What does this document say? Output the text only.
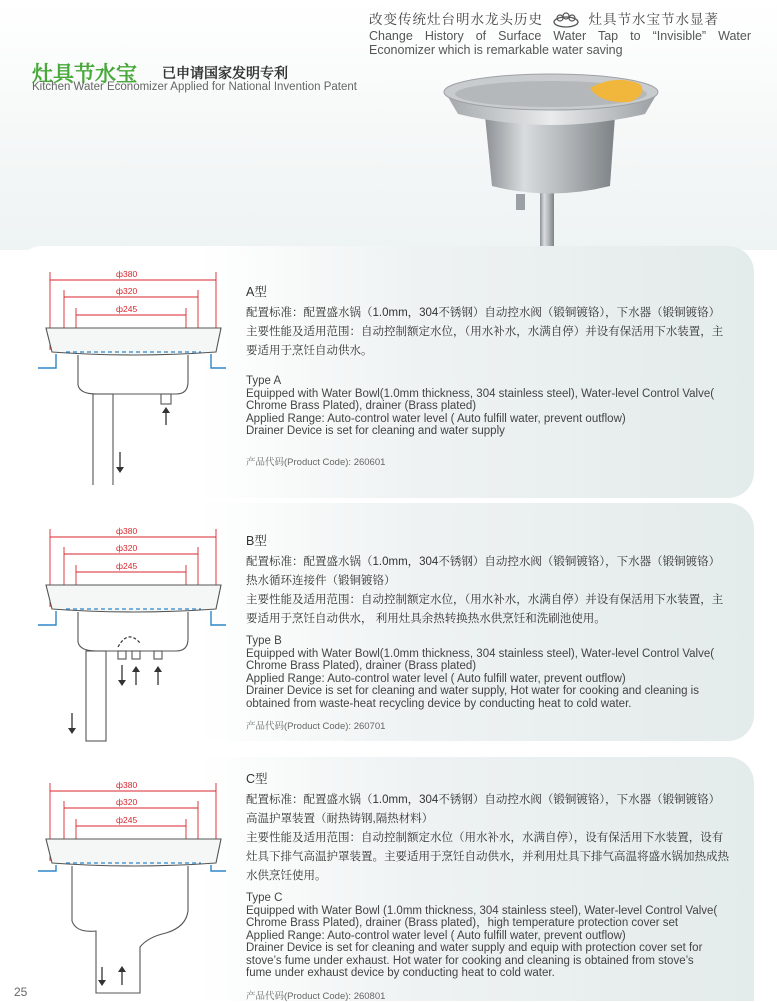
改变传统灶台明水龙头历史	灶具节水宝节水显著
Change History of Surface Water Tap to “Invisible” Water Economizer which is remarkable water saving
灶具节水宝 已申请国家发明专利
Kitchen Water Economizer Applied for National Invention Patent
ф380
ф320
ф245
A型
配置标准：配置盛水锅（1.0mm，304不锈钢）自动控水阀（锻铜镀铬），下水器（锻铜镀铬）
主要性能及适用范围：自动控制额定水位，（用水补水，水满自停）并设有保活用下水装置，主
要适用于烹饪自动供水。
Type A
Equipped with Water Bowl(1.0mm thickness, 304 stainless steel), Water-level Control Valve(
Chrome Brass Plated), drainer (Brass plated)
Applied Range: Auto-control water level ( Auto fulfill water, prevent outflow)
Drainer Device is set for cleaning and water supply
产品代码(Product Code): 260601
ф380
ф320
ф245
B型
配置标准：配置盛水锅（1.0mm，304不锈钢）自动控水阀（锻铜镀铬），下水器（锻铜镀铬）
热水循环连接件（锻铜镀铬）
主要性能及适用范围：自动控制额定水位，（用水补水，水满自停）并设有保活用下水装置，主
要适用于烹饪自动供水， 利用灶具余热转换热水供烹饪和洗刷池使用。
Type B
Equipped with Water Bowl(1.0mm thickness, 304 stainless steel), Water-level Control Valve(
Chrome Brass Plated), drainer (Brass plated)
Applied Range: Auto-control water level ( Auto fulfill water, prevent outflow)
Drainer Device is set for cleaning and water supply, Hot water for cooking and cleaning is
obtained from waste-heat recycling device by conducting heat to cold water.
产品代码(Product Code): 260701
ф380
ф320
ф245
C型
配置标准：配置盛水锅（1.0mm，304不锈钢）自动控水阀（锻铜镀铬），下水器（锻铜镀铬）
高温护罩装置（耐热铸钢,隔热材料）
主要性能及适用范围：自动控制额定水位（用水补水，水满自停），设有保活用下水装置，设有
灶具下排气高温护罩装置。主要适用于烹饪自动供水，并利用灶具下排气高温将盛水锅加热成热
水供烹饪使用。
Type C
Equipped with Water Bowl (1.0mm thickness, 304 stainless steel), Water-level Control Valve(
Chrome Brass Plated), drainer (Brass plated)，high temperature protection cover set
Applied Range: Auto-control water level ( Auto fulfill water, prevent outflow)
Drainer Device is set for cleaning and water supply and equip with protection cover set for
stove’s fume under exhaust. Hot water for cooking and cleaning is obtained from stove’s
fume under exhaust device by conducting heat to cold water.
产品代码(Product Code): 260801
25
